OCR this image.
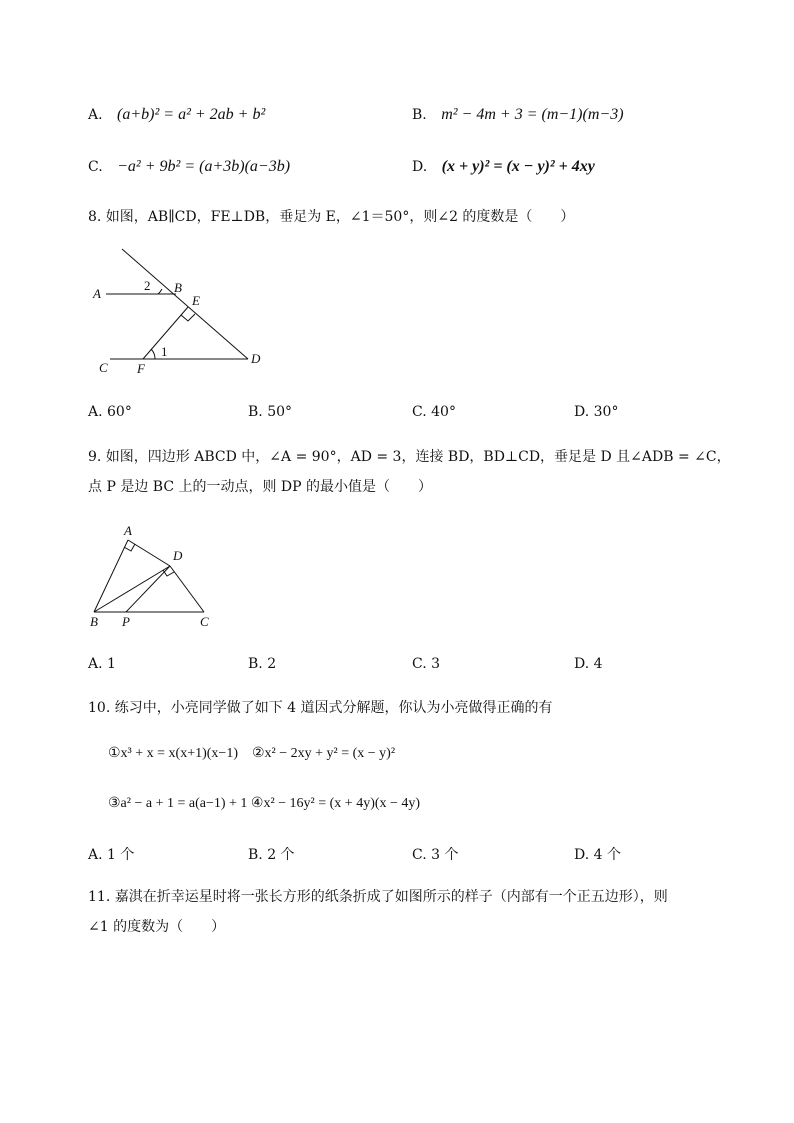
A. (a+b)² = a² + 2ab + b²	B. m² − 4m + 3 = (m−1)(m−3)
C. −a² + 9b² = (a+3b)(a−3b)	D. (x + y)² = (x − y)² + 4xy
8. 如图，AB∥CD，FE⊥DB，垂足为 E，∠1＝50°，则∠2 的度数是（　　）
A	B
E
C F
D
1
2
A. 60°	B. 50°	C. 40°	D. 30°
9. 如图，四边形 ABCD 中，∠A = 90°，AD = 3，连接 BD，BD⊥CD，垂足是 D 且∠ADB = ∠C，
点 P 是边 BC 上的一动点，则 DP 的最小值是（　　）
A
D
B P	C
A. 1	B. 2	C. 3	D. 4
10. 练习中，小亮同学做了如下 4 道因式分解题，你认为小亮做得正确的有
①x³ + x = x(x+1)(x−1)　②x² − 2xy + y² = (x − y)²
③a² − a + 1 = a(a−1) + 1 ④x² − 16y² = (x + 4y)(x − 4y)
A. 1 个	B. 2 个	C. 3 个	D. 4 个
11. 嘉淇在折幸运星时将一张长方形的纸条折成了如图所示的样子（内部有一个正五边形），则
∠1 的度数为（　　）
